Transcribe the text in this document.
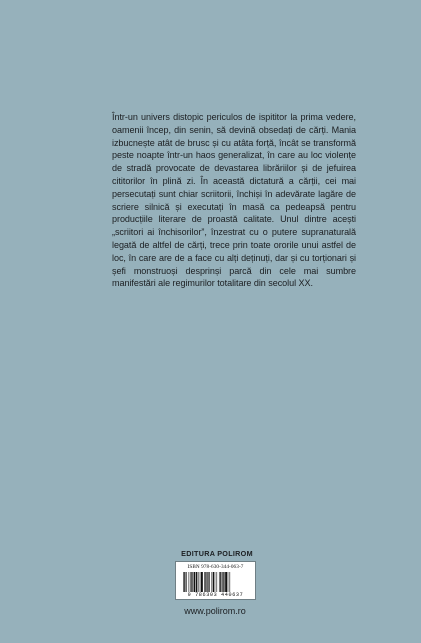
Într-un univers distopic periculos de ispititor la prima vedere, oamenii încep, din senin, să devină obsedați de cărți. Mania izbucnește atât de brusc și cu atâta forță, încât se transformă peste noapte într-un haos generalizat, în care au loc violențe de stradă provocate de devastarea librăriilor și de jefuirea cititorilor în plină zi. În această dictatură a cărții, cei mai persecutați sunt chiar scriitorii, închiși în adevărate lagăre de scriere silnică și executați în masă ca pedeapsă pentru producțiile literare de proastă calitate. Unul dintre acești „scriitori ai închisorilor”, înzestrat cu o putere supranaturală legată de altfel de cărți, trece prin toate ororile unui astfel de loc, în care are de a face cu alți deținuți, dar și cu torționari și șefi monstruoși desprinși parcă din cele mai sumbre manifestări ale regimurilor totalitare din secolul XX.

EDITURA POLIROM
ISBN 978-630-344-063-7
9 786303 440637
www.polirom.ro
